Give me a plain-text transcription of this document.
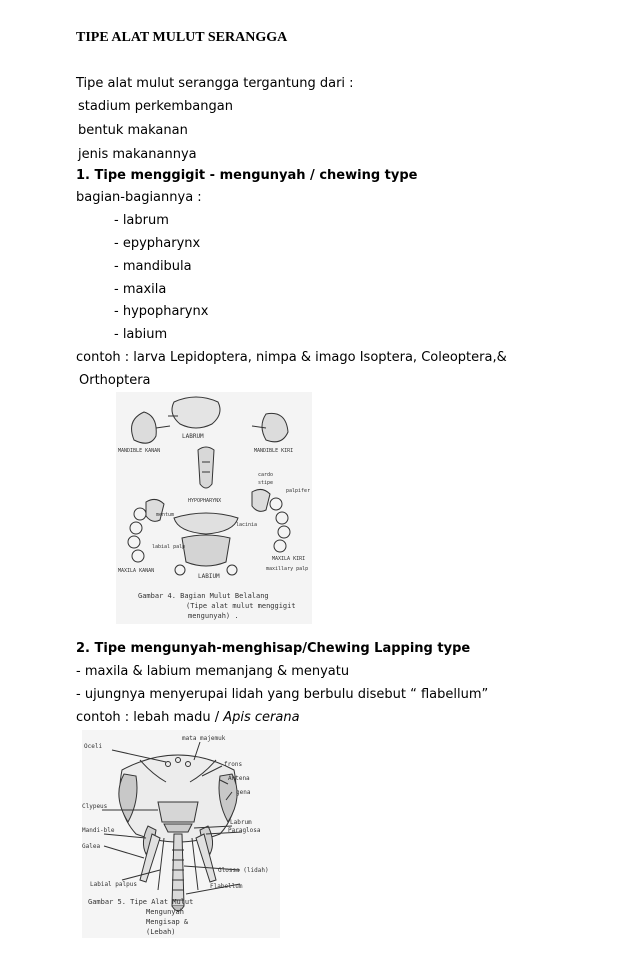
TIPE ALAT MULUT SERANGGA
Tipe alat mulut serangga tergantung dari :
stadium perkembangan
bentuk makanan
jenis makanannya
1. Tipe menggigit - mengunyah / chewing type
bagian-bagiannya :
- labrum
- epypharynx
- mandibula
- maxila
- hypopharynx
- labium
contoh : larva Lepidoptera, nimpa & imago Isoptera, Coleoptera,&
Orthoptera
LABRUM
MANDIBLE KANAN	MANDIBLE KIRI
HYPOPHARYNX
MAXILA KANAN
MAXILA KIRI
labial palp
maxillary palp
palpifer
cardo
stipe
mentum
lacinia
LABIUM
Gambar 4. Bagian Mulut Belalang
(Tipe alat mulut menggigit
mengunyah) .
2. Tipe mengunyah-menghisap/Chewing Lapping type
- maxila & labium memanjang & menyatu
- ujungnya menyerupai lidah yang berbulu disebut “ flabellum”
contoh : lebah madu / Apis cerana
Oceli
mata majemuk
frons
Antena
gena
Clypeus
Labrum
Mandi-ble	Paraglosa
Galea
Labial palpus
Glossa (lidah)
Flabellum
Gambar 5. Tipe Alat Mulut
Mengunyah
Mengisap &
(Lebah)
